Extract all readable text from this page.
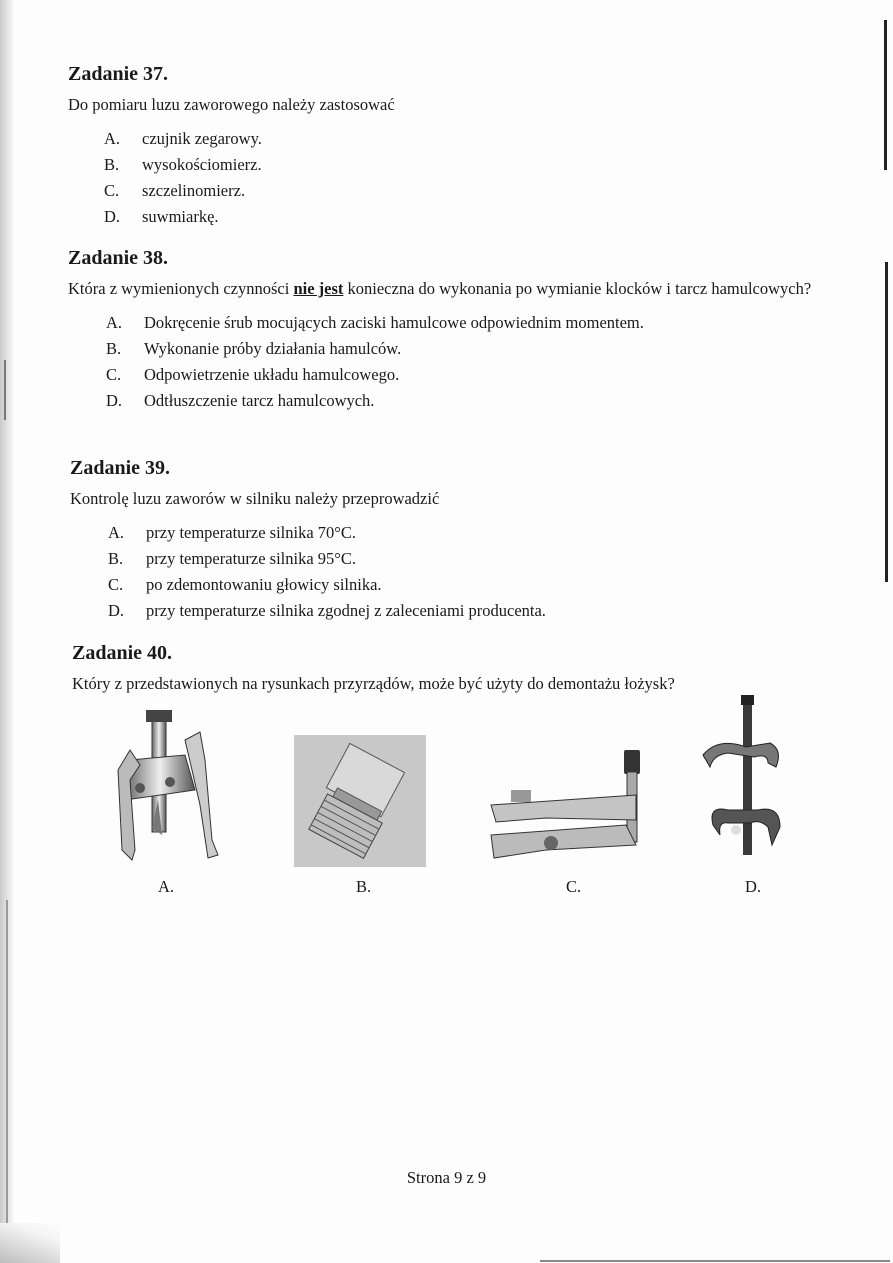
Zadanie 37.

Do pomiaru luzu zaworowego należy zastosować

A.	czujnik zegarowy.
B.	wysokościomierz.
C.	szczelinomierz.
D.	suwmiarkę.
Zadanie 38.

Która z wymienionych czynności nie jest konieczna do wykonania po wymianie klocków i tarcz hamulcowych?

A.	Dokręcenie śrub mocujących zaciski hamulcowe odpowiednim momentem.
B.	Wykonanie próby działania hamulców.
C.	Odpowietrzenie układu hamulcowego.
D.	Odtłuszczenie tarcz hamulcowych.
Zadanie 39.

Kontrolę luzu zaworów w silniku należy przeprowadzić

A.	przy temperaturze silnika 70°C.
B.	przy temperaturze silnika 95°C.
C.	po zdemontowaniu głowicy silnika.
D.	przy temperaturze silnika zgodnej z zaleceniami producenta.
Zadanie 40.

Który z przedstawionych na rysunkach przyrządów, może być użyty do demontażu łożysk?

A.	B.	C.	D.
Strona 9 z 9
